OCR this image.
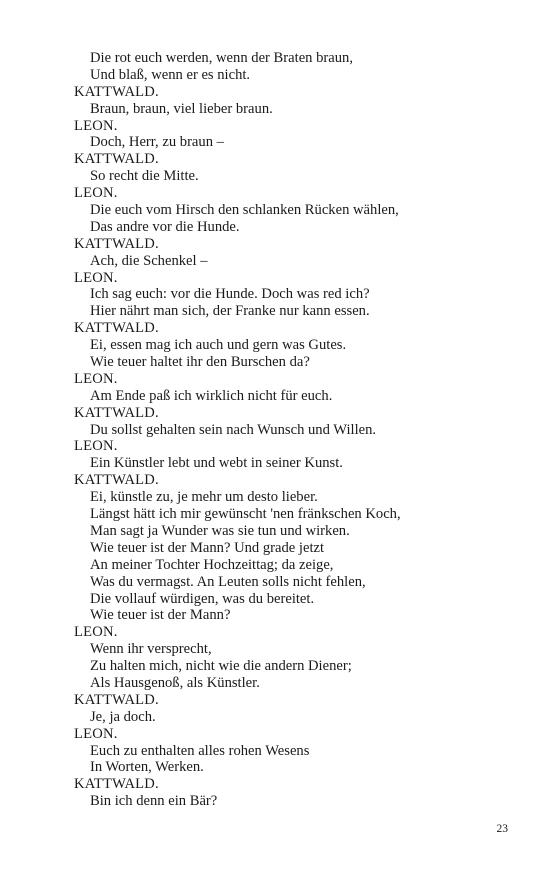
Die rot euch werden, wenn der Braten braun,
Und blaß, wenn er es nicht.
KATTWALD.
Braun, braun, viel lieber braun.
LEON.
Doch, Herr, zu braun –
KATTWALD.
So recht die Mitte.
LEON.
Die euch vom Hirsch den schlanken Rücken wählen,
Das andre vor die Hunde.
KATTWALD.
Ach, die Schenkel –
LEON.
Ich sag euch: vor die Hunde. Doch was red ich?
Hier nährt man sich, der Franke nur kann essen.
KATTWALD.
Ei, essen mag ich auch und gern was Gutes.
Wie teuer haltet ihr den Burschen da?
LEON.
Am Ende paß ich wirklich nicht für euch.
KATTWALD.
Du sollst gehalten sein nach Wunsch und Willen.
LEON.
Ein Künstler lebt und webt in seiner Kunst.
KATTWALD.
Ei, künstle zu, je mehr um desto lieber.
Längst hätt ich mir gewünscht 'nen fränkschen Koch,
Man sagt ja Wunder was sie tun und wirken.
Wie teuer ist der Mann? Und grade jetzt
An meiner Tochter Hochzeittag; da zeige,
Was du vermagst. An Leuten solls nicht fehlen,
Die vollauf würdigen, was du bereitet.
Wie teuer ist der Mann?
LEON.
Wenn ihr versprecht,
Zu halten mich, nicht wie die andern Diener;
Als Hausgenoß, als Künstler.
KATTWALD.
Je, ja doch.
LEON.
Euch zu enthalten alles rohen Wesens
In Worten, Werken.
KATTWALD.
Bin ich denn ein Bär?
23
